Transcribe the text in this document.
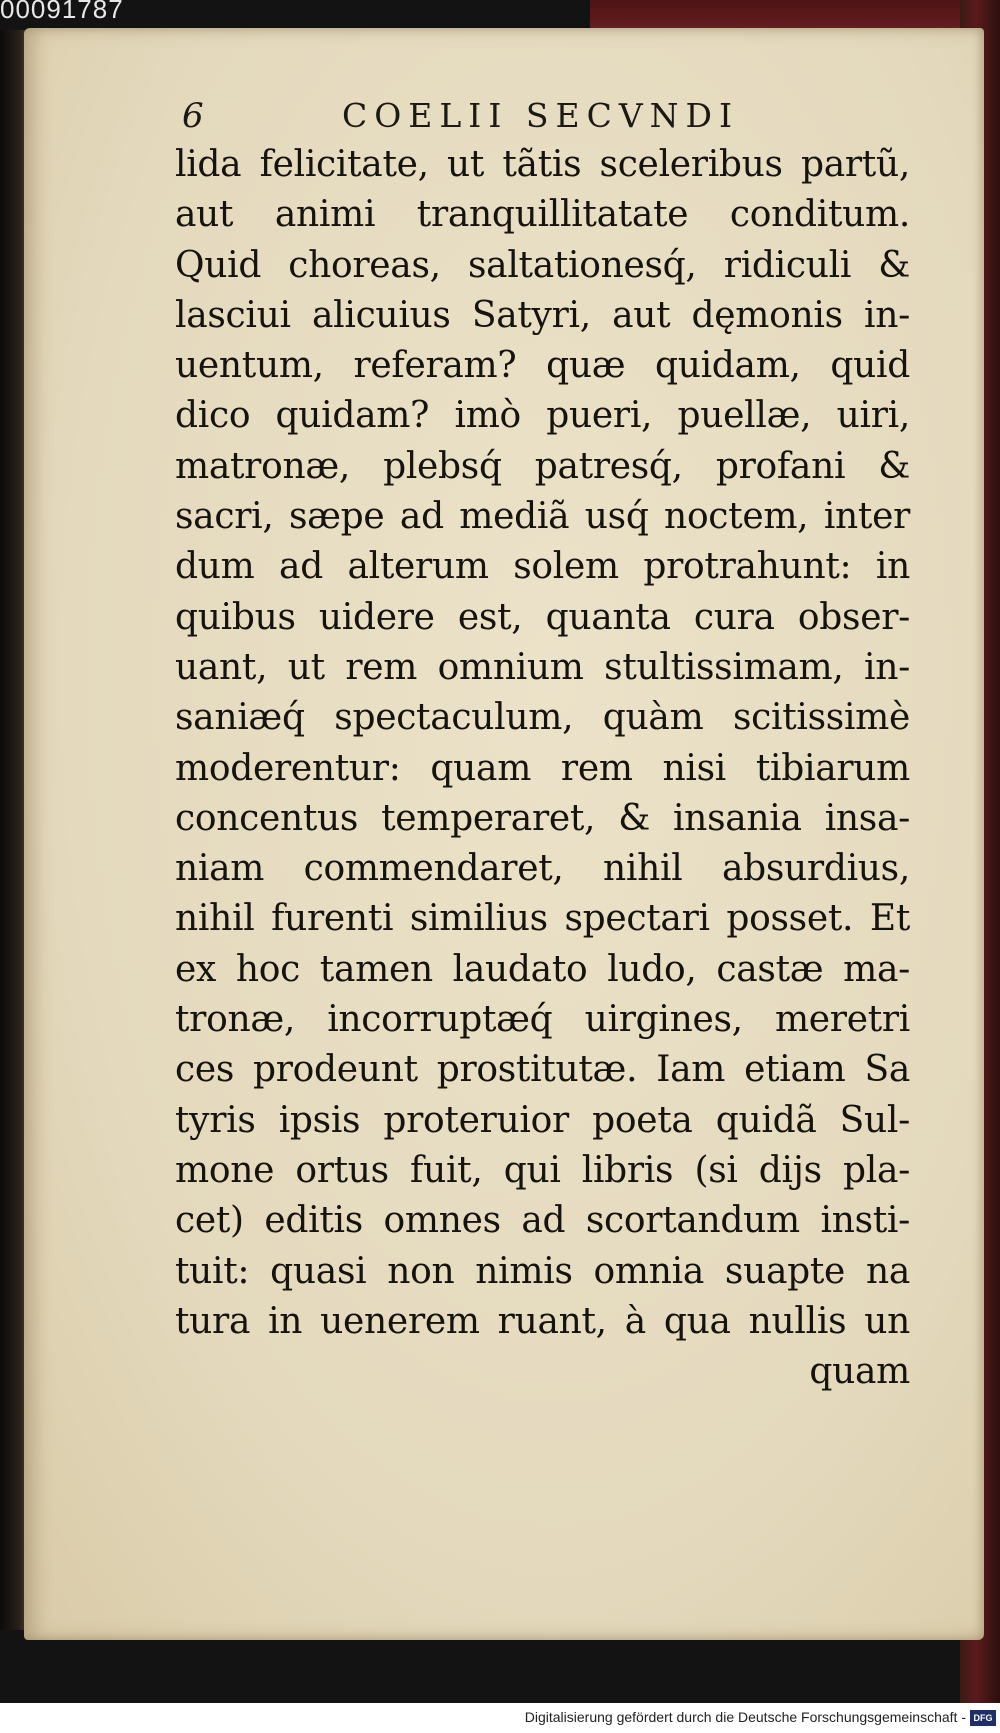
00091787
6	COELII SECVNDI
lida felicitate, ut tãtis sceleribus partũ,
aut animi tranquillitatate conditum.
Quid choreas, saltationesq́, ridiculi &
lasciui alicuius Satyri, aut dęmonis in-
uentum, referam? quæ quidam, quid
dico quidam? imò pueri, puellæ, uiri,
matronæ, plebsq́ patresq́, profani &
sacri, sæpe ad mediã usq́ noctem, inter
dum ad alterum solem protrahunt: in
quibus uidere est, quanta cura obser-
uant, ut rem omnium stultissimam, in-
saniæq́ spectaculum, quàm scitissimè
moderentur: quam rem nisi tibiarum
concentus temperaret, & insania insa-
niam commendaret, nihil absurdius,
nihil furenti similius spectari posset. Et
ex hoc tamen laudato ludo, castæ ma-
tronæ, incorruptæq́ uirgines, meretri
ces prodeunt prostitutæ. Iam etiam Sa
tyris ipsis proteruior poeta quidã Sul-
mone ortus fuit, qui libris (si dijs pla-
cet) editis omnes ad scortandum insti-
tuit: quasi non nimis omnia suapte na
tura in uenerem ruant, à qua nullis un
quam
Digitalisierung gefördert durch die Deutsche Forschungsgemeinschaft - DFG
